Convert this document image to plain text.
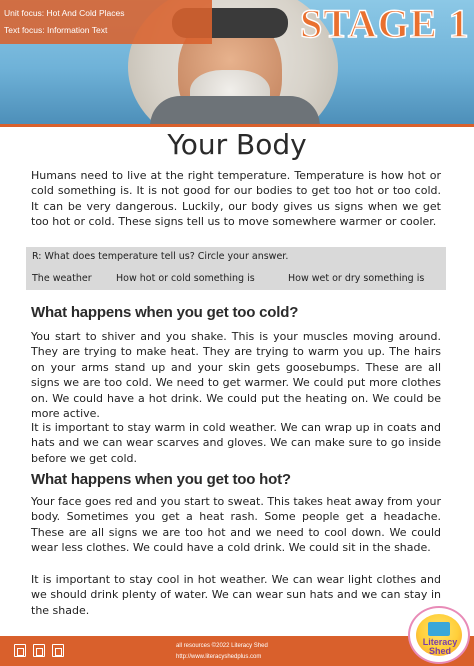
Unit focus: Hot And Cold Places
Text focus: Information Text	STAGE 1
Your Body

Humans need to live at the right temperature. Temperature is how hot or cold something is. It is not good for our bodies to get too hot or too cold. It can be very dangerous. Luckily, our body gives us signs when we get too hot or cold. These signs tell us to move somewhere warmer or cooler.

R: What does temperature tell us? Circle your answer.
The weather	How hot or cold something is	How wet or dry something is
What happens when you get too cold?

You start to shiver and you shake. This is your muscles moving around. They are trying to make heat. They are trying to warm you up. The hairs on your arms stand up and your skin gets goosebumps. These are all signs we are too cold. We need to get warmer. We could put more clothes on. We could have a hot drink. We could put the heating on. We could be more active.

It is important to stay warm in cold weather. We can wrap up in coats and hats and we can wear scarves and gloves. We can make sure to go inside before we get cold.

What happens when you get too hot?

Your face goes red and you start to sweat. This takes heat away from your body. Sometimes you get a heat rash. Some people get a headache. These are all signs we are too hot and we need to cool down. We could wear less clothes. We could have a cold drink. We could sit in the shade.

It is important to stay cool in hot weather. We can wear light clothes and we should drink plenty of water. We can wear sun hats and we can stay in the shade.

all resources ©2022 Literacy Shed
http://www.literacyshedplus.com
Literacy Shed
